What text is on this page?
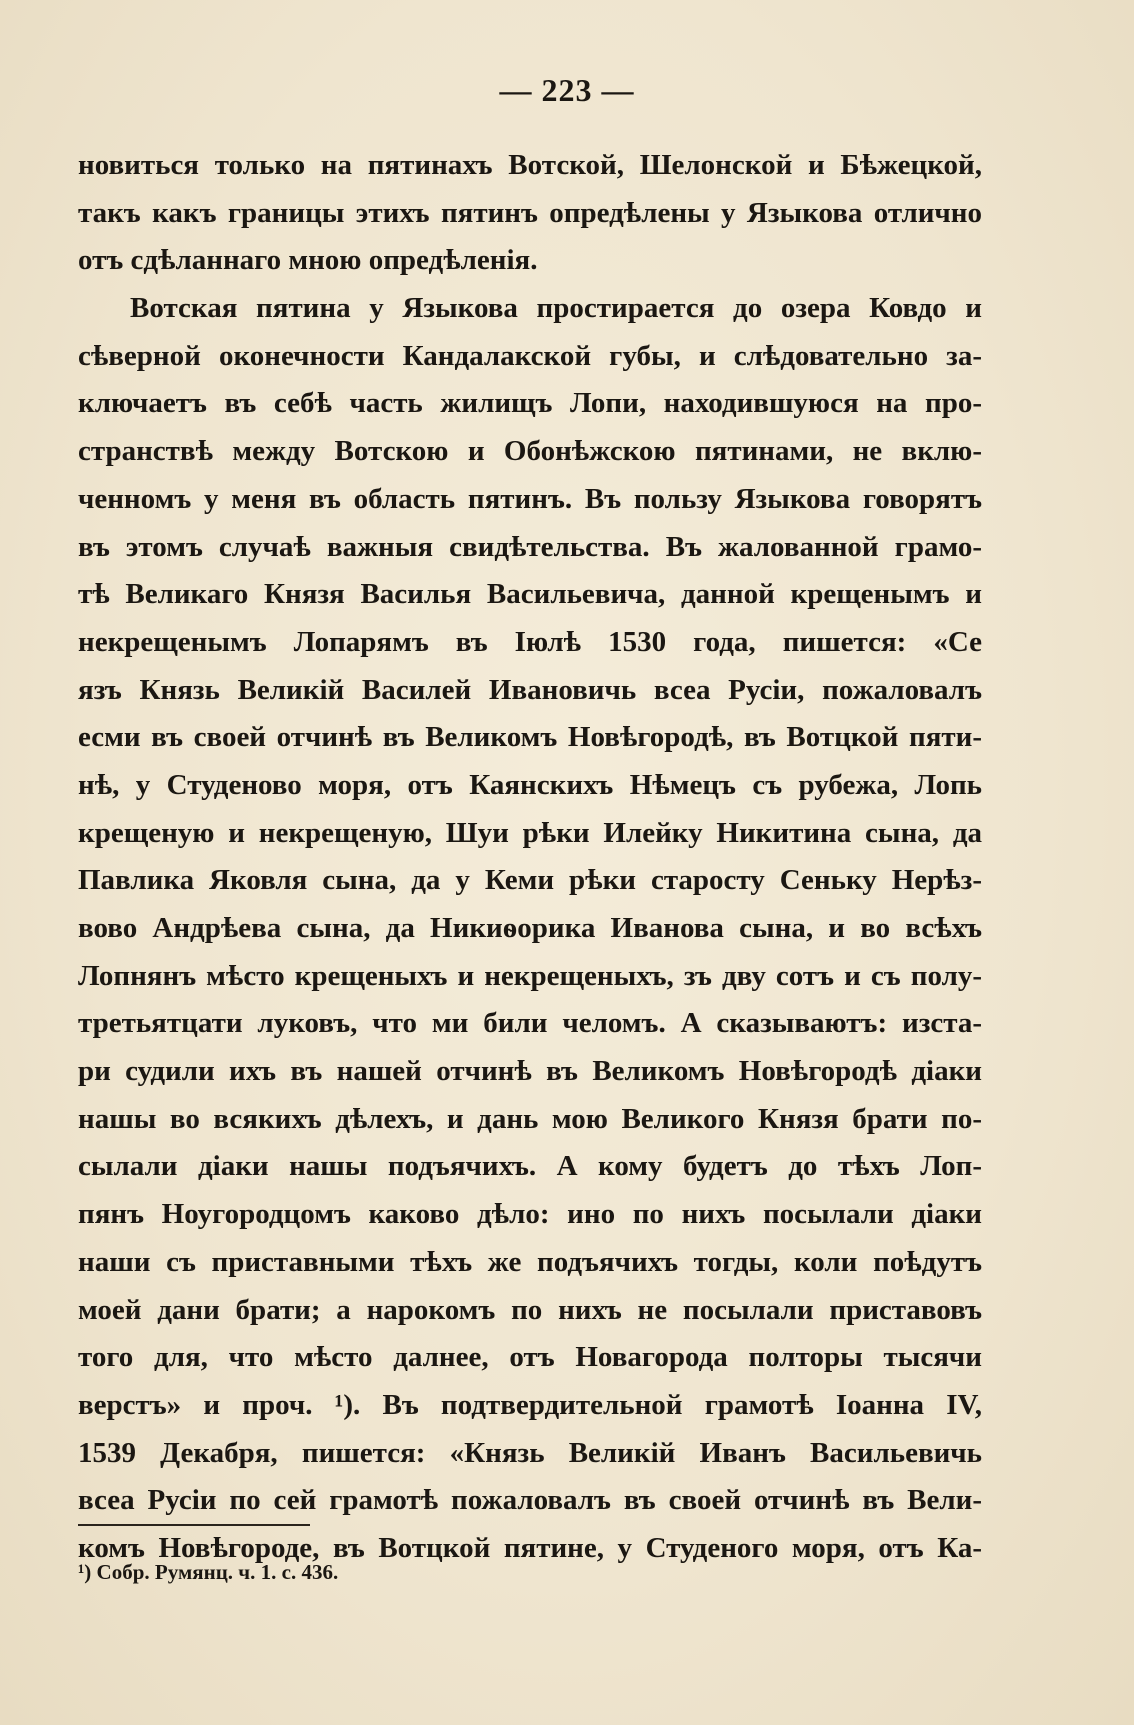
— 223 —
новиться только на пятинахъ Вотской, Шелонской и Бѣжецкой,
такъ какъ границы этихъ пятинъ опредѣлены у Языкова отлично
отъ сдѣланнаго мною опредѣленія.
Вотская пятина у Языкова простирается до озера Ковдо и
сѣверной оконечности Кандалакской губы, и слѣдовательно за-
ключаетъ въ себѣ часть жилищъ Лопи, находившуюся на про-
странствѣ между Вотскою и Обонѣжскою пятинами, не вклю-
ченномъ у меня въ область пятинъ. Въ пользу Языкова говорятъ
въ этомъ случаѣ важныя свидѣтельства. Въ жалованной грамо-
тѣ Великаго Князя Василья Васильевича, данной крещенымъ и
некрещенымъ Лопарямъ въ Іюлѣ 1530 года, пишется: «Се
язъ Князь Великій Василей Ивановичь всеа Русіи, пожаловалъ
есми въ своей отчинѣ въ Великомъ Новѣгородѣ, въ Вотцкой пяти-
нѣ, у Студеново моря, отъ Каянскихъ Нѣмецъ съ рубежа, Лопь
крещеную и некрещеную, Шуи рѣки Илейку Никитина сына, да
Павлика Яковля сына, да у Кеми рѣки старосту Сеньку Нерѣз-
вово Андрѣева сына, да Никиѳорика Иванова сына, и во всѣхъ
Лопнянъ мѣсто крещеныхъ и некрещеныхъ, зъ дву сотъ и съ полу-
третьятцати луковъ, что ми били челомъ. А сказываютъ: изста-
ри судили ихъ въ нашей отчинѣ въ Великомъ Новѣгородѣ діаки
нашы во всякихъ дѣлехъ, и дань мою Великого Князя брати по-
сылали діаки нашы подъячихъ. А кому будетъ до тѣхъ Лоп-
пянъ Ноугородцомъ каково дѣло: ино по нихъ посылали діаки
наши съ приставными тѣхъ же подъячихъ тогды, коли поѣдутъ
моей дани брати; а нарокомъ по нихъ не посылали приставовъ
того для, что мѣсто далнее, отъ Новагорода полторы тысячи
верстъ» и проч. ¹). Въ подтвердительной грамотѣ Іоанна IV,
1539 Декабря, пишется: «Князь Великій Иванъ Васильевичь
всеа Русіи по сей грамотѣ пожаловалъ въ своей отчинѣ въ Вели-
комъ Новѣгороде, въ Вотцкой пятине, у Студеного моря, отъ Ка-
¹) Собр. Румянц. ч. 1. с. 436.
